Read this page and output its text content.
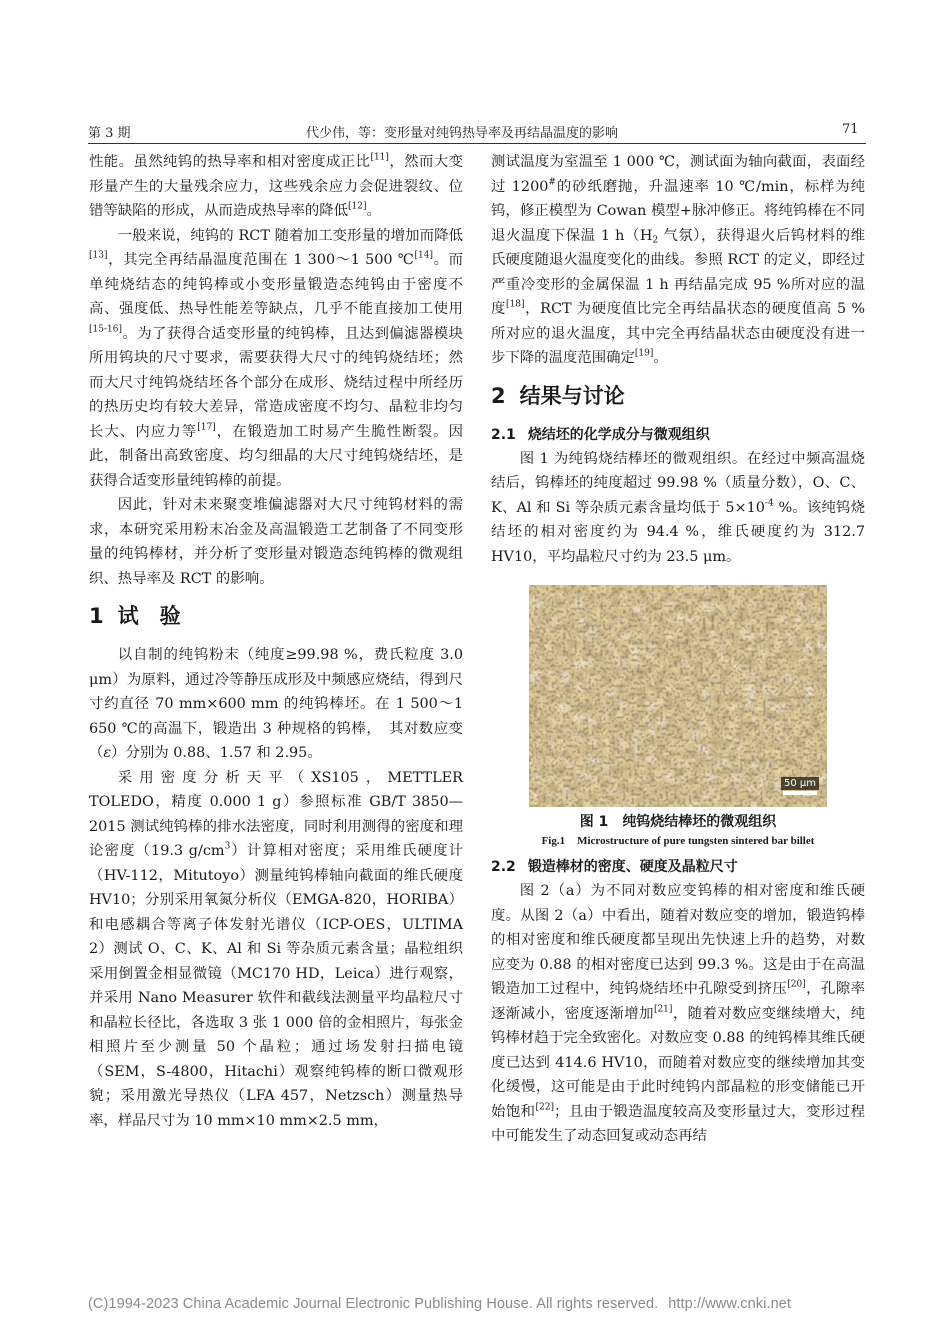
第 3 期	代少伟，等：变形量对纯钨热导率及再结晶温度的影响	71

性能。虽然纯钨的热导率和相对密度成正比[11]，然而大变形量产生的大量残余应力，这些残余应力会促进裂纹、位错等缺陷的形成，从而造成热导率的降低[12]。

一般来说，纯钨的 RCT 随着加工变形量的增加而降低[13]，其完全再结晶温度范围在 1 300～1 500 ℃[14]。而单纯烧结态的纯钨棒或小变形量锻造态纯钨由于密度不高、强度低、热导性能差等缺点，几乎不能直接加工使用[15-16]。为了获得合适变形量的纯钨棒，且达到偏滤器模块所用钨块的尺寸要求，需要获得大尺寸的纯钨烧结坯；然而大尺寸纯钨烧结坯各个部分在成形、烧结过程中所经历的热历史均有较大差异，常造成密度不均匀、晶粒非均匀长大、内应力等[17]，在锻造加工时易产生脆性断裂。因此，制备出高致密度、均匀细晶的大尺寸纯钨烧结坯，是获得合适变形量纯钨棒的前提。

因此，针对未来聚变堆偏滤器对大尺寸纯钨材料的需求，本研究采用粉末冶金及高温锻造工艺制备了不同变形量的纯钨棒材，并分析了变形量对锻造态纯钨棒的微观组织、热导率及 RCT 的影响。

1 试　验

以自制的纯钨粉末（纯度≥99.98 %，费氏粒度 3.0 μm）为原料，通过冷等静压成形及中频感应烧结，得到尺寸约直径 70 mm×600 mm 的纯钨棒坯。在 1 500～1 650 ℃的高温下，锻造出 3 种规格的钨棒，　其对数应变（ε）分别为 0.88、1.57 和 2.95。

采用密度分析天平（XS105，METTLER TOLEDO，精度 0.000 1 g）参照标准 GB/T 3850—2015 测试纯钨棒的排水法密度，同时利用测得的密度和理论密度（19.3 $g/cm^3$）计算相对密度；采用维氏硬度计（HV-112，Mitutoyo）测量纯钨棒轴向截面的维氏硬度 HV10；分别采用氧氮分析仪（EMGA-820，HORIBA）和电感耦合等离子体发射光谱仪（ICP-OES，ULTIMA 2）测试 O、C、K、Al 和 Si 等杂质元素含量；晶粒组织采用倒置金相显微镜（MC170 HD，Leica）进行观察，并采用 Nano Measurer 软件和截线法测量平均晶粒尺寸和晶粒长径比，各选取 3 张 1 000 倍的金相照片，每张金相照片至少测量 50 个晶粒；通过场发射扫描电镜（SEM，S-4800，Hitachi）观察纯钨棒的断口微观形貌；采用激光导热仪（LFA 457，Netzsch）测量热导率，样品尺寸为 10 mm×10 mm×2.5 mm，

测试温度为室温至 1 000 ℃，测试面为轴向截面，表面经过 1200#的砂纸磨抛，升温速率 10 ℃/min，标样为纯钨，修正模型为 Cowan 模型+脉冲修正。将纯钨棒在不同退火温度下保温 1 $h(H_2$ 气氛），获得退火后钨材料的维氏硬度随退火温度变化的曲线。参照 RCT 的定义，即经过严重冷变形的金属保温 1 h 再结晶完成 95 %所对应的温度[18]，RCT 为硬度值比完全再结晶状态的硬度值高 5 %所对应的退火温度，其中完全再结晶状态由硬度没有进一步下降的温度范围确定[19]。

2 结果与讨论
2.1 烧结坯的化学成分与微观组织

图 1 为纯钨烧结棒坯的微观组织。在经过中频高温烧结后，钨棒坯的纯度超过 99.98 %（质量分数），O、C、K、Al 和 Si 等杂质元素含量均低于 $5\times 10^{-4}$ %。该纯钨烧结坯的相对密度约为 94.4 %，维氏硬度约为 312.7 HV10，平均晶粒尺寸约为 23.5 μm。

50 μm
图 1 纯钨烧结棒坯的微观组织
Fig.1 Microstructure of pure tungsten sintered bar billet
2.2 锻造棒材的密度、硬度及晶粒尺寸

图 2（a）为不同对数应变钨棒的相对密度和维氏硬度。从图 2（a）中看出，随着对数应变的增加，锻造钨棒的相对密度和维氏硬度都呈现出先快速上升的趋势，对数应变为 0.88 的相对密度已达到 99.3 %。这是由于在高温锻造加工过程中，纯钨烧结坯中孔隙受到挤压[20]，孔隙率逐渐减小，密度逐渐增加[21]，随着对数应变继续增大，纯钨棒材趋于完全致密化。对数应变 0.88 的纯钨棒其维氏硬度已达到 414.6 HV10，而随着对数应变的继续增加其变化缓慢，这可能是由于此时纯钨内部晶粒的形变储能已开始饱和[22]；且由于锻造温度较高及变形量过大，变形过程中可能发生了动态回复或动态再结

(C)1994-2023 China Academic Journal Electronic Publishing House. All rights reserved. http://www.cnki.net
